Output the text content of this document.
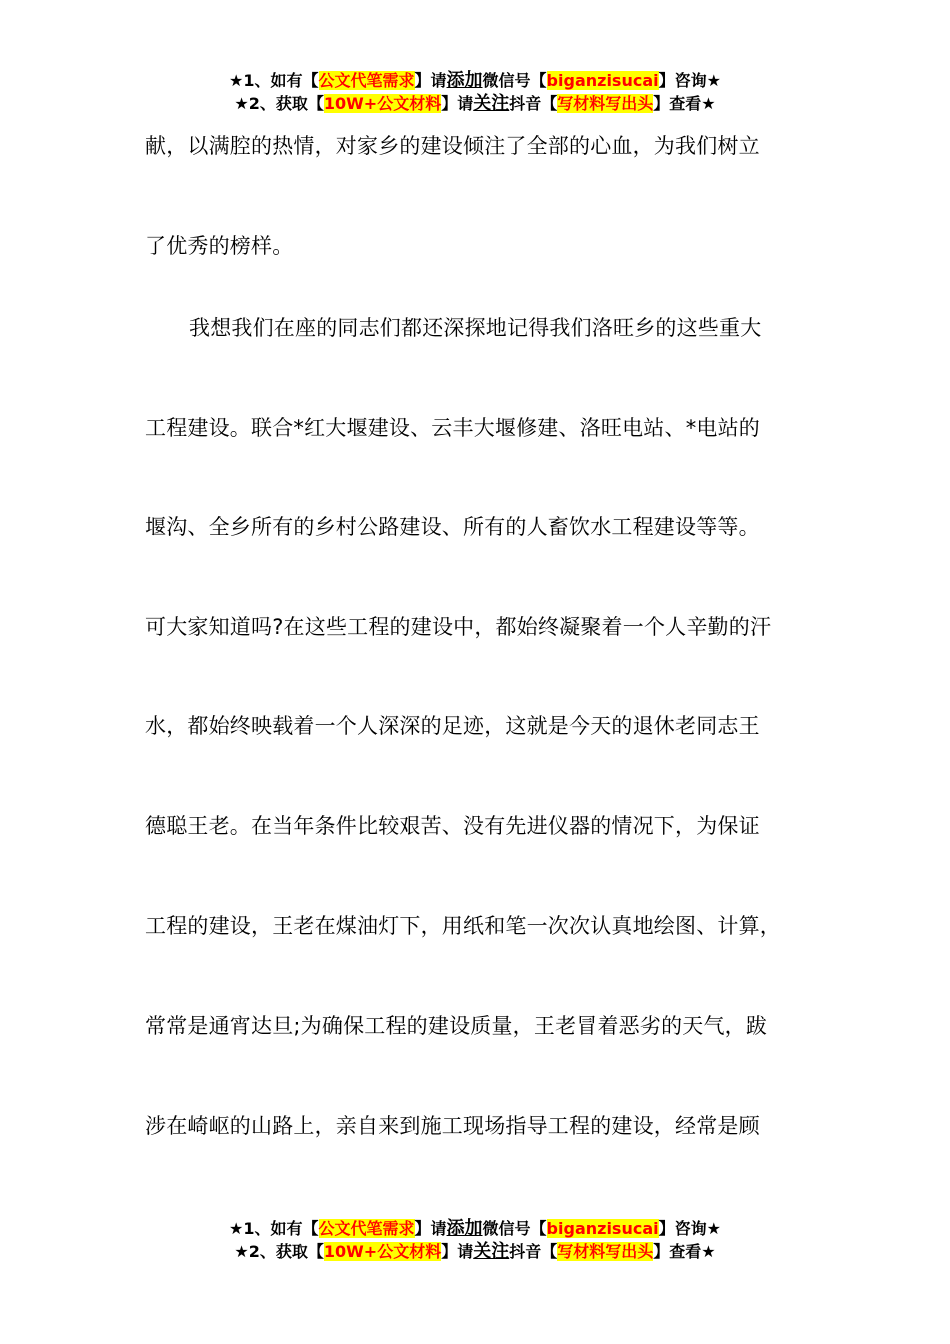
★1、如有【公文代笔需求】请添加微信号【biganzisucai】咨询★
★2、获取【10W+公文材料】请关注抖音【写材料写出头】查看★
献，以满腔的热情，对家乡的建设倾注了全部的心血，为我们树立
了优秀的榜样。
我想我们在座的同志们都还深探地记得我们洛旺乡的这些重大
工程建设。联合*红大堰建设、云丰大堰修建、洛旺电站、*电站的
堰沟、全乡所有的乡村公路建设、所有的人畜饮水工程建设等等。
可大家知道吗?在这些工程的建设中，都始终凝聚着一个人辛勤的汗
水，都始终映载着一个人深深的足迹，这就是今天的退休老同志王
德聪王老。在当年条件比较艰苦、没有先进仪器的情况下，为保证
工程的建设，王老在煤油灯下，用纸和笔一次次认真地绘图、计算，
常常是通宵达旦;为确保工程的建设质量，王老冒着恶劣的天气，跋
涉在崎岖的山路上，亲自来到施工现场指导工程的建设，经常是顾
★1、如有【公文代笔需求】请添加微信号【biganzisucai】咨询★
★2、获取【10W+公文材料】请关注抖音【写材料写出头】查看★
